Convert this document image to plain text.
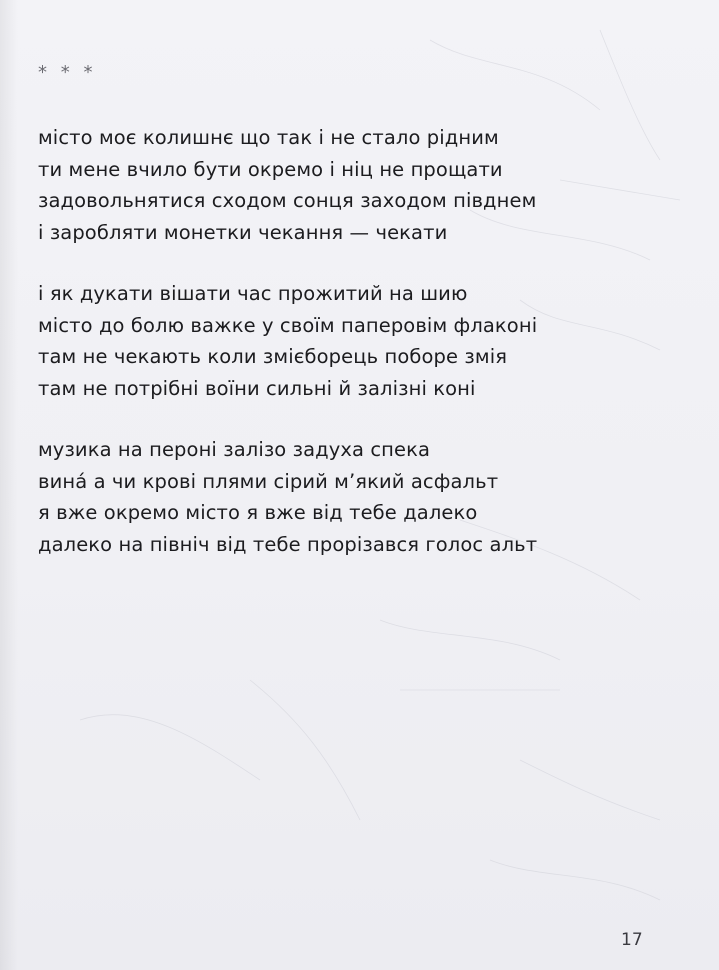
* * *
місто моє колишнє що так і не стало рідним
ти мене вчило бути окремо і ніц не прощати
задовольнятися сходом сонця заходом півднем
і заробляти монетки чекання — чекати
і як дукати вішати час прожитий на шию
місто до болю важке у своїм паперовім флаконі
там не чекають коли змієборець поборе змія
там не потрібні воїни сильні й залізні коні
музика на пероні залізо задуха спека
вина́ а чи крові плями сірий м’який асфальт
я вже окремо місто я вже від тебе далеко
далеко на північ від тебе прорізався голос альт
17
